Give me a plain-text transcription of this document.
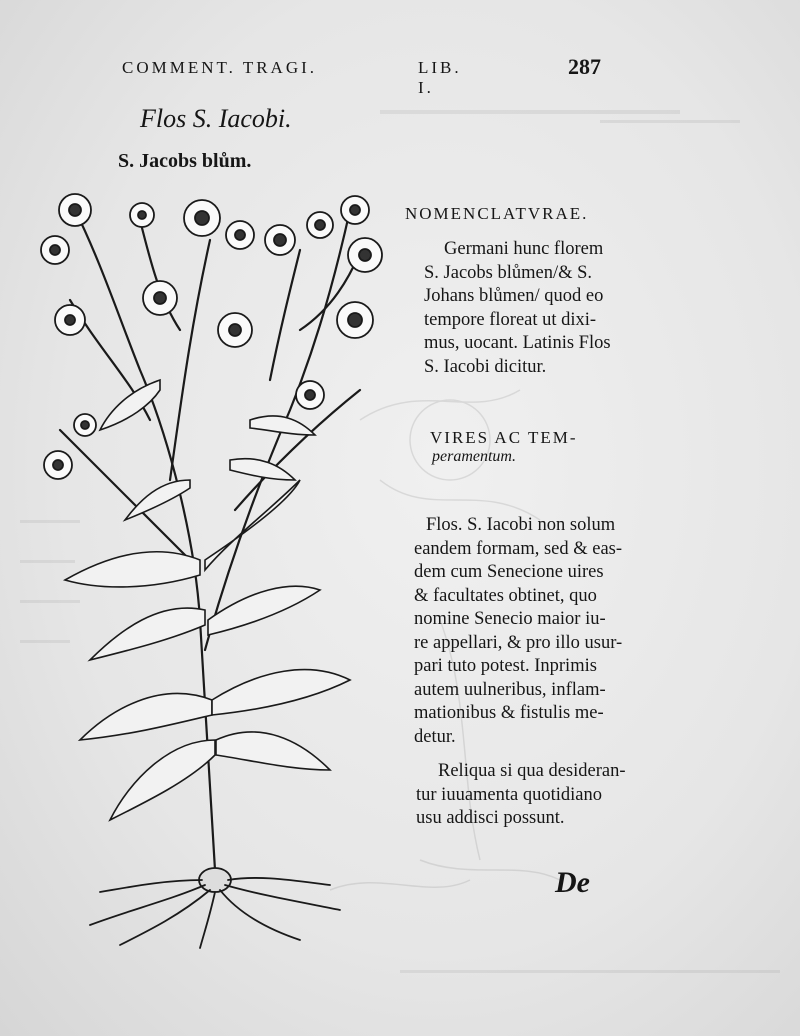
COMMENT. TRAGI.	LIB. I.
287
Flos S. Iacobi.
S. Jacobs blům.
NOMENCLATVRAE.
Germani hunc florem
S. Jacobs blůmen/& S.
Johans blůmen/ quod eo
tempore floreat ut dixi-
mus, uocant. Latinis Flos
S. Iacobi dicitur.
VIRES AC TEM-
peramentum.
Flos. S. Iacobi non solum
eandem formam, sed & eas-
dem cum Senecione uires
& facultates obtinet, quo
nomine Senecio maior iu-
re appellari, & pro illo usur-
pari tuto potest. Inprimis
autem uulneribus, inflam-
mationibus & fistulis me-
detur.
Reliqua si qua desideran-
tur iuuamenta quotidiano
usu addisci possunt.
De
